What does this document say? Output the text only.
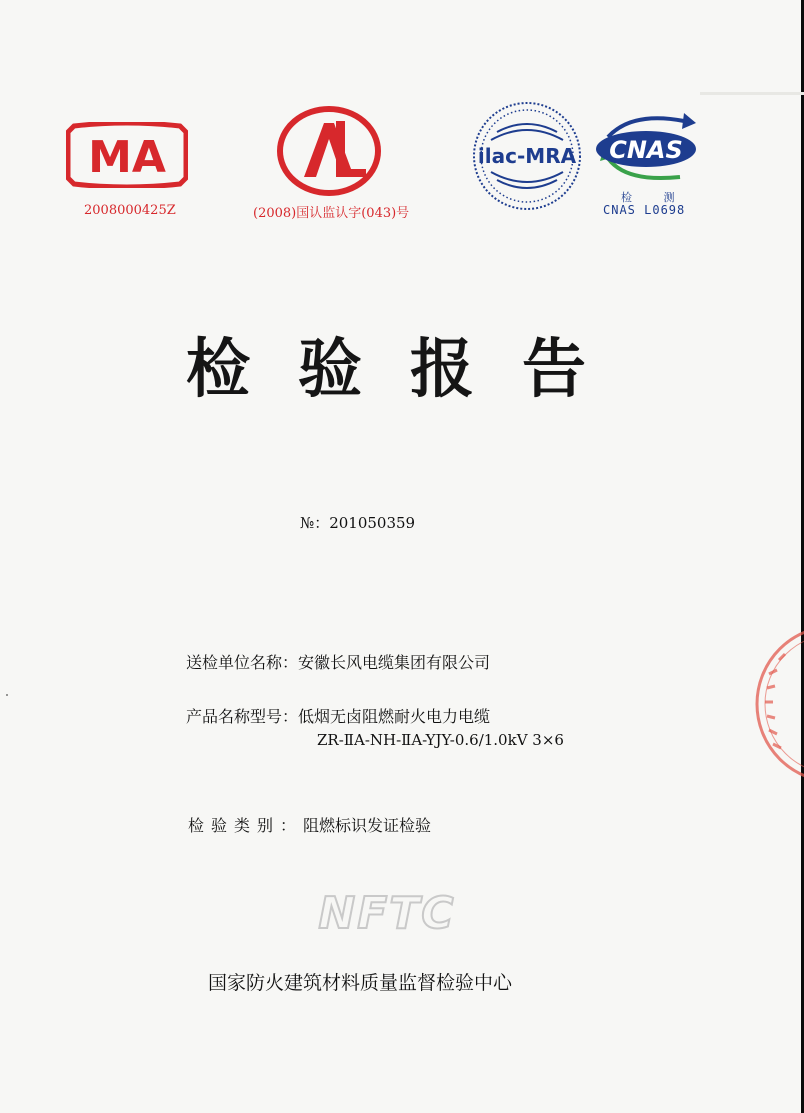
MA
2008000425Z	(2008)国认监认字(043)号
ilac-MRA CNAS
检 测
CNAS L0698
检验报告
№：201050359
送检单位名称：安徽长风电缆集团有限公司
产品名称型号：低烟无卤阻燃耐火电力电缆
ZR-ⅡA-NH-ⅡA-YJY-0.6/1.0kV 3×6
检验类别：阻燃标识发证检验
NFTC
国家防火建筑材料质量监督检验中心
